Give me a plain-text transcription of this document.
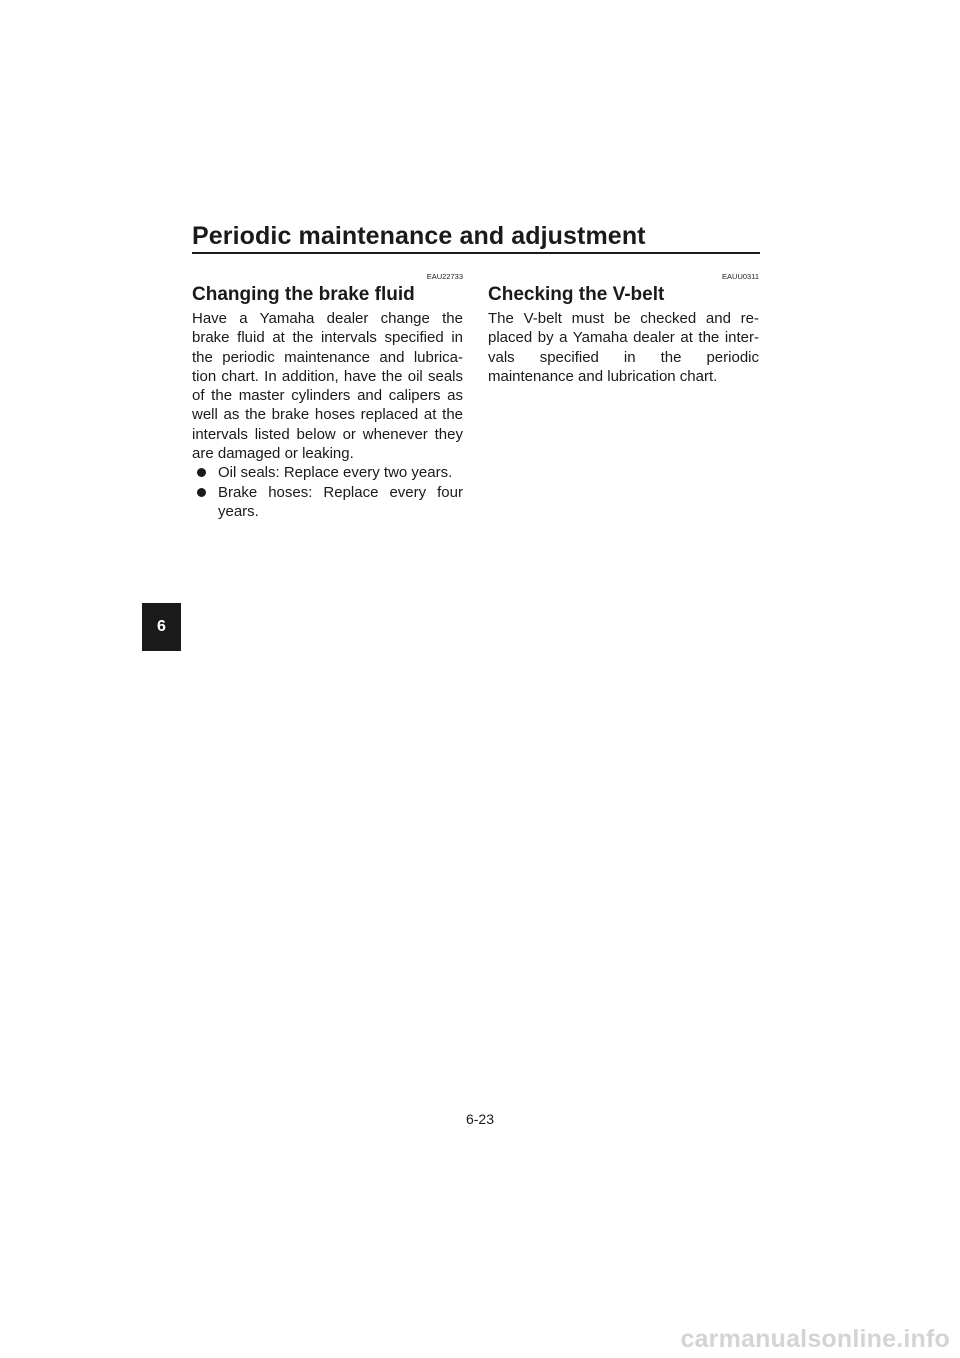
Periodic maintenance and adjustment
6
EAU22733
Changing the brake fluid

Have a Yamaha dealer change the brake fluid at the intervals specified in the periodic maintenance and lubrica-tion chart. In addition, have the oil seals of the master cylinders and calipers as well as the brake hoses replaced at the intervals listed below or whenever they are damaged or leaking.

Oil seals: Replace every two years.
Brake hoses: Replace every four years.
EAUU0311
Checking the V-belt

The V-belt must be checked and re-placed by a Yamaha dealer at the inter-vals specified in the periodic maintenance and lubrication chart.

6-23
carmanualsonline.info
